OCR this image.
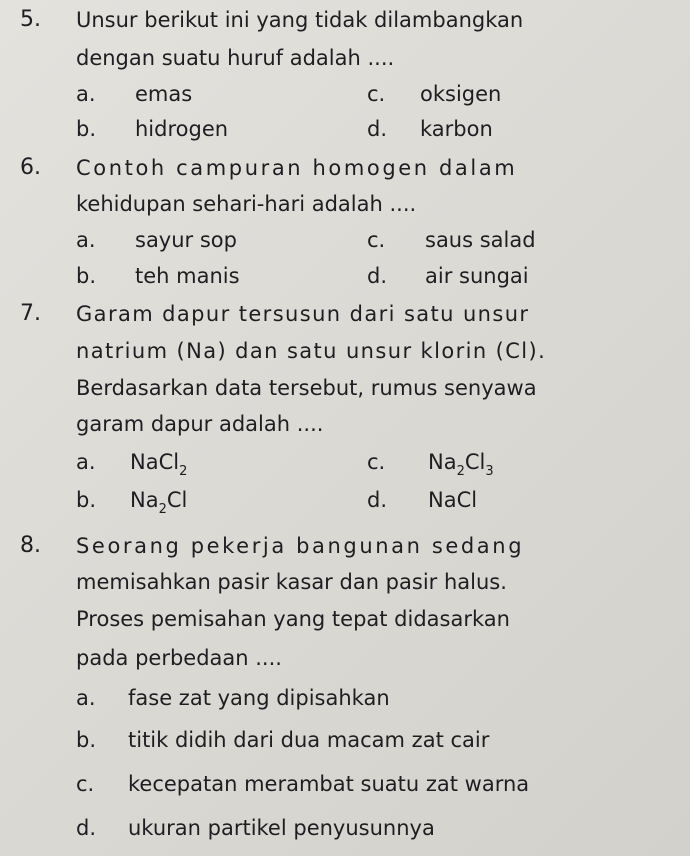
5. Unsur berikut ini yang tidak dilambangkan
dengan suatu huruf adalah ....
a. emas
b. hidrogen
c. oksigen
d. karbon
6. Contoh campuran homogen dalam
kehidupan sehari-hari adalah ....
a. sayur sop
b. teh manis
c. saus salad
d. air sungai
7. Garam dapur tersusun dari satu unsur
natrium (Na) dan satu unsur klorin (Cl).
Berdasarkan data tersebut, rumus senyawa
garam dapur adalah ....
a. NaCl$_2$
b. $Na_2Cl$
c. $Na_2Cl_3$
d. NaCl
8. Seorang pekerja bangunan sedang
memisahkan pasir kasar dan pasir halus.
Proses pemisahan yang tepat didasarkan
pada perbedaan ....
a. fase zat yang dipisahkan
b. titik didih dari dua macam zat cair
c. kecepatan merambat suatu zat warna
d. ukuran partikel penyusunnya
